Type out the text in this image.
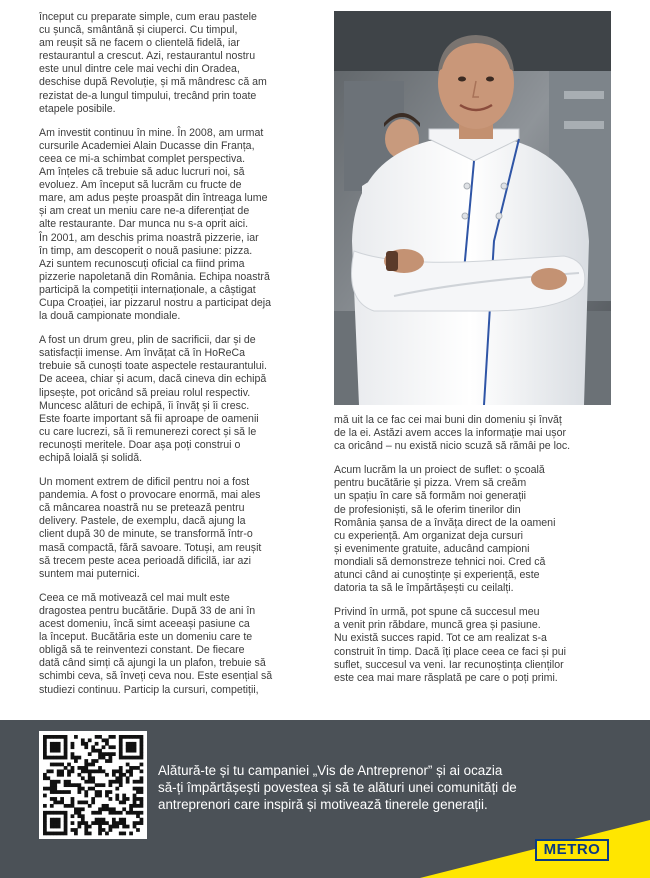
început cu preparate simple, cum erau pastele
cu șuncă, smântână și ciuperci. Cu timpul,
am reușit să ne facem o clientelă fidelă, iar
restaurantul a crescut. Azi, restaurantul nostru
este unul dintre cele mai vechi din Oradea,
deschise după Revoluție, și mă mândresc că am
rezistat de-a lungul timpului, trecând prin toate
etapele posibile.

Am investit continuu în mine. În 2008, am urmat
cursurile Academiei Alain Ducasse din Franța,
ceea ce mi-a schimbat complet perspectiva.
Am înțeles că trebuie să aduc lucruri noi, să
evoluez. Am început să lucrăm cu fructe de
mare, am adus pește proaspăt din întreaga lume
și am creat un meniu care ne-a diferențiat de
alte restaurante. Dar munca nu s-a oprit aici.
În 2001, am deschis prima noastră pizzerie, iar
în timp, am descoperit o nouă pasiune: pizza.
Azi suntem recunoscuți oficial ca fiind prima
pizzerie napoletană din România. Echipa noastră
participă la competiții internaționale, a câștigat
Cupa Croației, iar pizzarul nostru a participat deja
la două campionate mondiale.

A fost un drum greu, plin de sacrificii, dar și de
satisfacții imense. Am învățat că în HoReCa
trebuie să cunoști toate aspectele restaurantului.
De aceea, chiar și acum, dacă cineva din echipă
lipsește, pot oricând să preiau rolul respectiv.
Muncesc alături de echipă, îi învăț și îi cresc.
Este foarte important să fii aproape de oamenii
cu care lucrezi, să îi remunerezi corect și să le
recunoști meritele. Doar așa poți construi o
echipă loială și solidă.

Un moment extrem de dificil pentru noi a fost
pandemia. A fost o provocare enormă, mai ales
că mâncarea noastră nu se pretează pentru
delivery. Pastele, de exemplu, dacă ajung la
client după 30 de minute, se transformă într-o
masă compactă, fără savoare. Totuși, am reușit
să trecem peste acea perioadă dificilă, iar azi
suntem mai puternici.

Ceea ce mă motivează cel mai mult este
dragostea pentru bucătărie. După 33 de ani în
acest domeniu, încă simt aceeași pasiune ca
la început. Bucătăria este un domeniu care te
obligă să te reinventezi constant. De fiecare
dată când simți că ajungi la un plafon, trebuie să
schimbi ceva, să înveți ceva nou. Este esențial să
studiezi continuu. Particip la cursuri, competiții,

mă uit la ce fac cei mai buni din domeniu și învăț
de la ei. Astăzi avem acces la informație mai ușor
ca oricând – nu există nicio scuză să rămâi pe loc.

Acum lucrăm la un proiect de suflet: o școală
pentru bucătărie și pizza. Vrem să creăm
un spațiu în care să formăm noi generații
de profesioniști, să le oferim tinerilor din
România șansa de a învăța direct de la oameni
cu experiență. Am organizat deja cursuri
și evenimente gratuite, aducând campioni
mondiali să demonstreze tehnici noi. Cred că
atunci când ai cunoștințe și experiență, este
datoria ta să le împărtășești cu ceilalți.

Privind în urmă, pot spune că succesul meu
a venit prin răbdare, muncă grea și pasiune.
Nu există succes rapid. Tot ce am realizat s-a
construit în timp. Dacă îți place ceea ce faci și pui
suflet, succesul va veni. Iar recunoștința clienților
este cea mai mare răsplată pe care o poți primi.

Alătură-te și tu campaniei „Vis de Antreprenor” și ai ocazia
să-ți împărtășești povestea și să te alături unei comunități de
antreprenori care inspiră și motivează tinerele generații.
METRO
